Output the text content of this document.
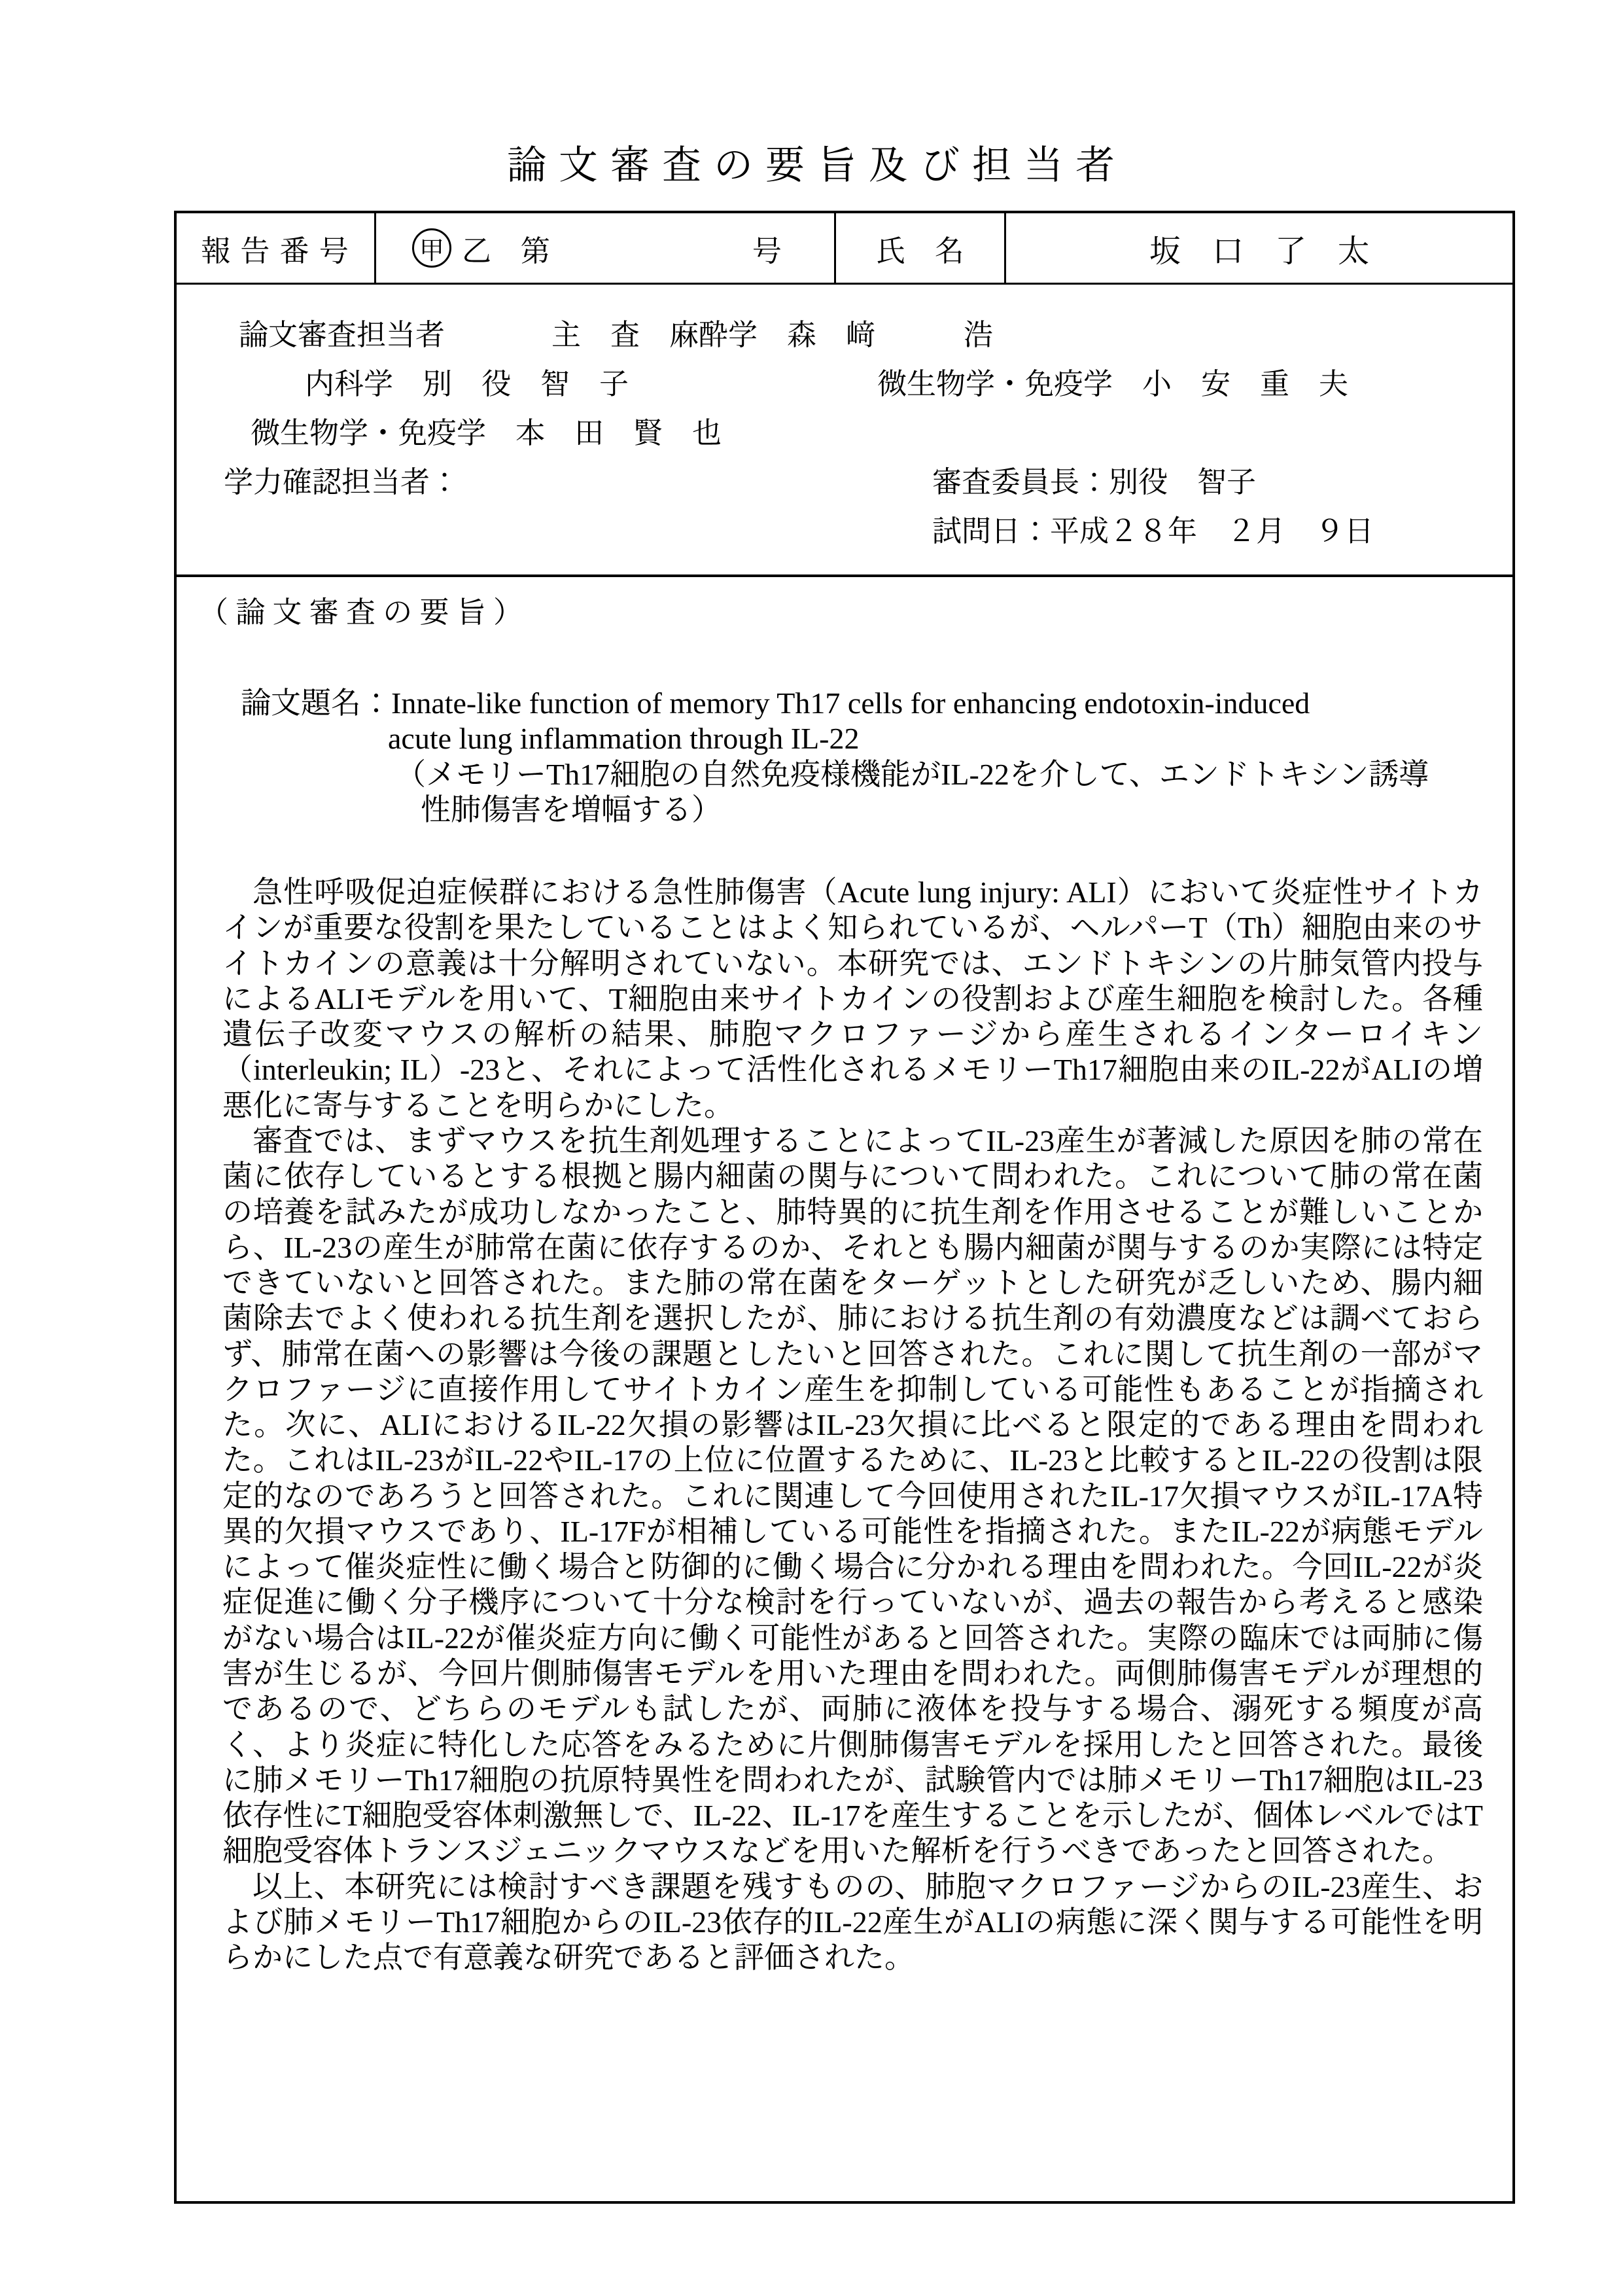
論 文 審 査 の 要 旨 及 び 担 当 者
報 告 番 号	甲 乙　第	号	氏　名	坂　口　了　太
論文審査担当者	主　査　麻酔学　森　﨑　　　浩
内科学　別　役　智　子	微生物学・免疫学　小　安　重　夫
微生物学・免疫学　本　田　賢　也
学力確認担当者：	審査委員長：別役　智子
試問日：平成２８年　２月　９日
（ 論 文 審 査 の 要 旨 ）
論文題名：Innate-like function of memory Th17 cells for enhancing endotoxin-induced
acute lung inflammation through IL-22
（メモリーTh17細胞の自然免疫様機能がIL-22を介して、エンドトキシン誘導
性肺傷害を増幅する）

急性呼吸促迫症候群における急性肺傷害（Acute lung injury: ALI）において炎症性サイトカインが重要な役割を果たしていることはよく知られているが、ヘルパーT（Th）細胞由来のサイトカインの意義は十分解明されていない。本研究では、エンドトキシンの片肺気管内投与によるALIモデルを用いて、T細胞由来サイトカインの役割および産生細胞を検討した。各種遺伝子改変マウスの解析の結果、肺胞マクロファージから産生されるインターロイキン（interleukin; IL）-23と、それによって活性化されるメモリーTh17細胞由来のIL-22がALIの増悪化に寄与することを明らかにした。

審査では、まずマウスを抗生剤処理することによってIL-23産生が著減した原因を肺の常在菌に依存しているとする根拠と腸内細菌の関与について問われた。これについて肺の常在菌の培養を試みたが成功しなかったこと、肺特異的に抗生剤を作用させることが難しいことから、IL-23の産生が肺常在菌に依存するのか、それとも腸内細菌が関与するのか実際には特定できていないと回答された。また肺の常在菌をターゲットとした研究が乏しいため、腸内細菌除去でよく使われる抗生剤を選択したが、肺における抗生剤の有効濃度などは調べておらず、肺常在菌への影響は今後の課題としたいと回答された。これに関して抗生剤の一部がマクロファージに直接作用してサイトカイン産生を抑制している可能性もあることが指摘された。次に、ALIにおけるIL-22欠損の影響はIL-23欠損に比べると限定的である理由を問われた。これはIL-23がIL-22やIL-17の上位に位置するために、IL-23と比較するとIL-22の役割は限定的なのであろうと回答された。これに関連して今回使用されたIL-17欠損マウスがIL-17A特異的欠損マウスであり、IL-17Fが相補している可能性を指摘された。またIL-22が病態モデルによって催炎症性に働く場合と防御的に働く場合に分かれる理由を問われた。今回IL-22が炎症促進に働く分子機序について十分な検討を行っていないが、過去の報告から考えると感染がない場合はIL-22が催炎症方向に働く可能性があると回答された。実際の臨床では両肺に傷害が生じるが、今回片側肺傷害モデルを用いた理由を問われた。両側肺傷害モデルが理想的であるので、どちらのモデルも試したが、両肺に液体を投与する場合、溺死する頻度が高く、より炎症に特化した応答をみるために片側肺傷害モデルを採用したと回答された。最後に肺メモリーTh17細胞の抗原特異性を問われたが、試験管内では肺メモリーTh17細胞はIL-23依存性にT細胞受容体刺激無しで、IL-22、IL-17を産生することを示したが、個体レベルではT細胞受容体トランスジェニックマウスなどを用いた解析を行うべきであったと回答された。

以上、本研究には検討すべき課題を残すものの、肺胞マクロファージからのIL-23産生、および肺メモリーTh17細胞からのIL-23依存的IL-22産生がALIの病態に深く関与する可能性を明らかにした点で有意義な研究であると評価された。
